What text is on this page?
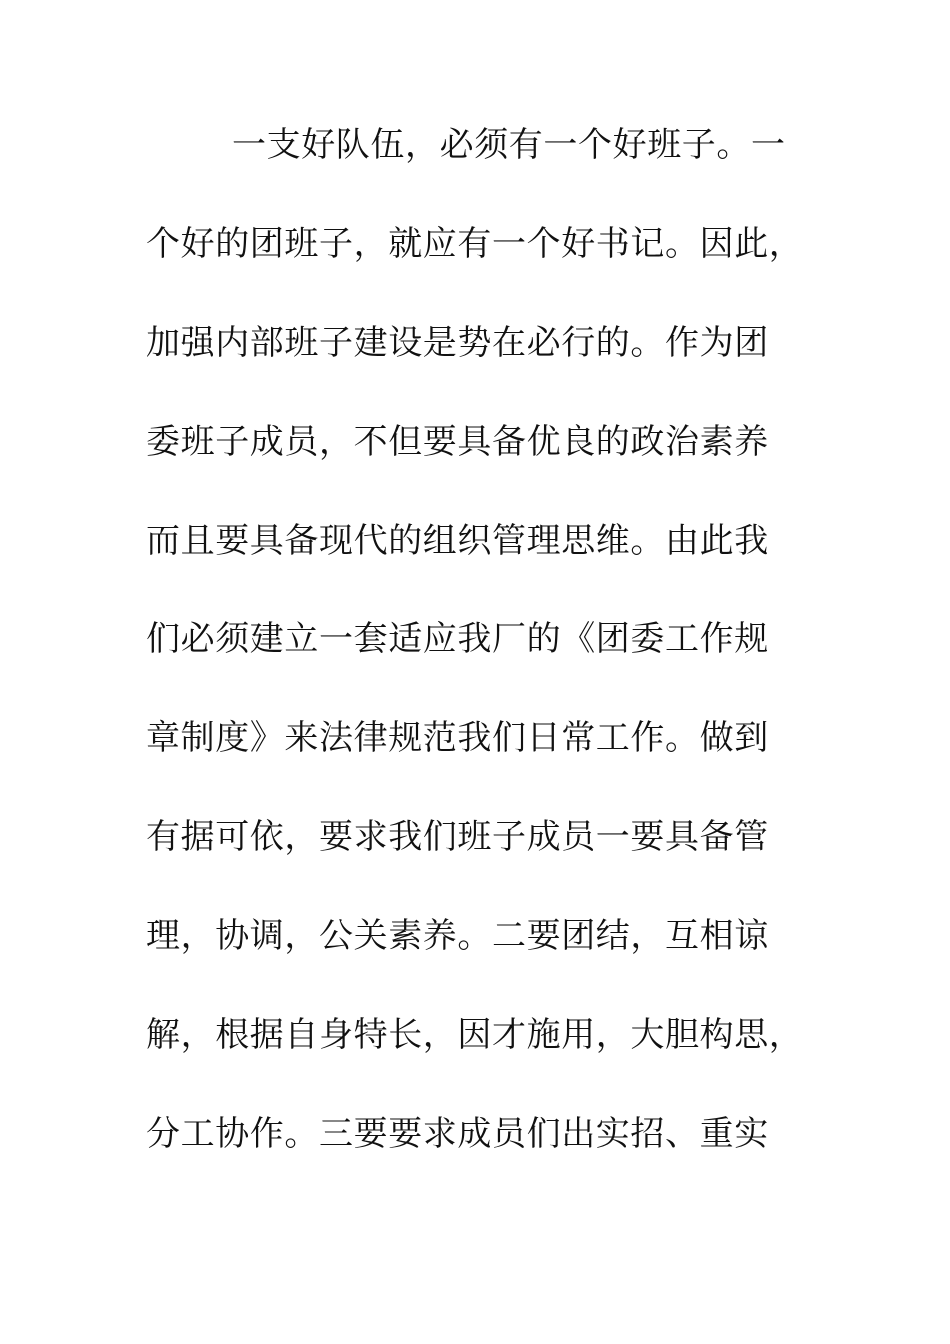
一支好队伍，必须有一个好班子。一
个好的团班子，就应有一个好书记。因此，
加强内部班子建设是势在必行的。作为团
委班子成员，不但要具备优良的政治素养
而且要具备现代的组织管理思维。由此我
们必须建立一套适应我厂的《团委工作规
章制度》来法律规范我们日常工作。做到
有据可依，要求我们班子成员一要具备管
理，协调，公关素养。二要团结，互相谅
解，根据自身特长，因才施用，大胆构思，
分工协作。三要要求成员们出实招、重实
